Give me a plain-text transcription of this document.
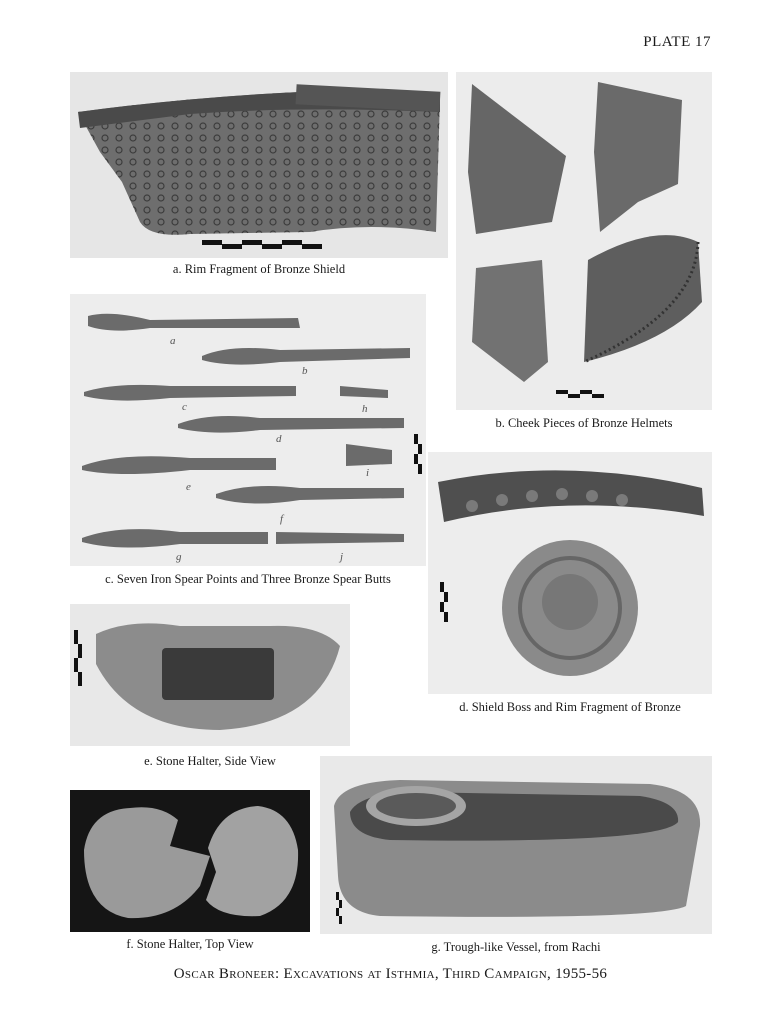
PLATE 17
a. Rim Fragment of Bronze Shield
b. Cheek Pieces of Bronze Helmets
a
b
c
d
e
f
g
h
i
j
c. Seven Iron Spear Points and Three Bronze Spear Butts
d. Shield Boss and Rim Fragment of Bronze
e. Stone Halter, Side View
f. Stone Halter, Top View	g. Trough-like Vessel, from Rachi
Oscar Broneer: Excavations at Isthmia, Third Campaign, 1955-56
